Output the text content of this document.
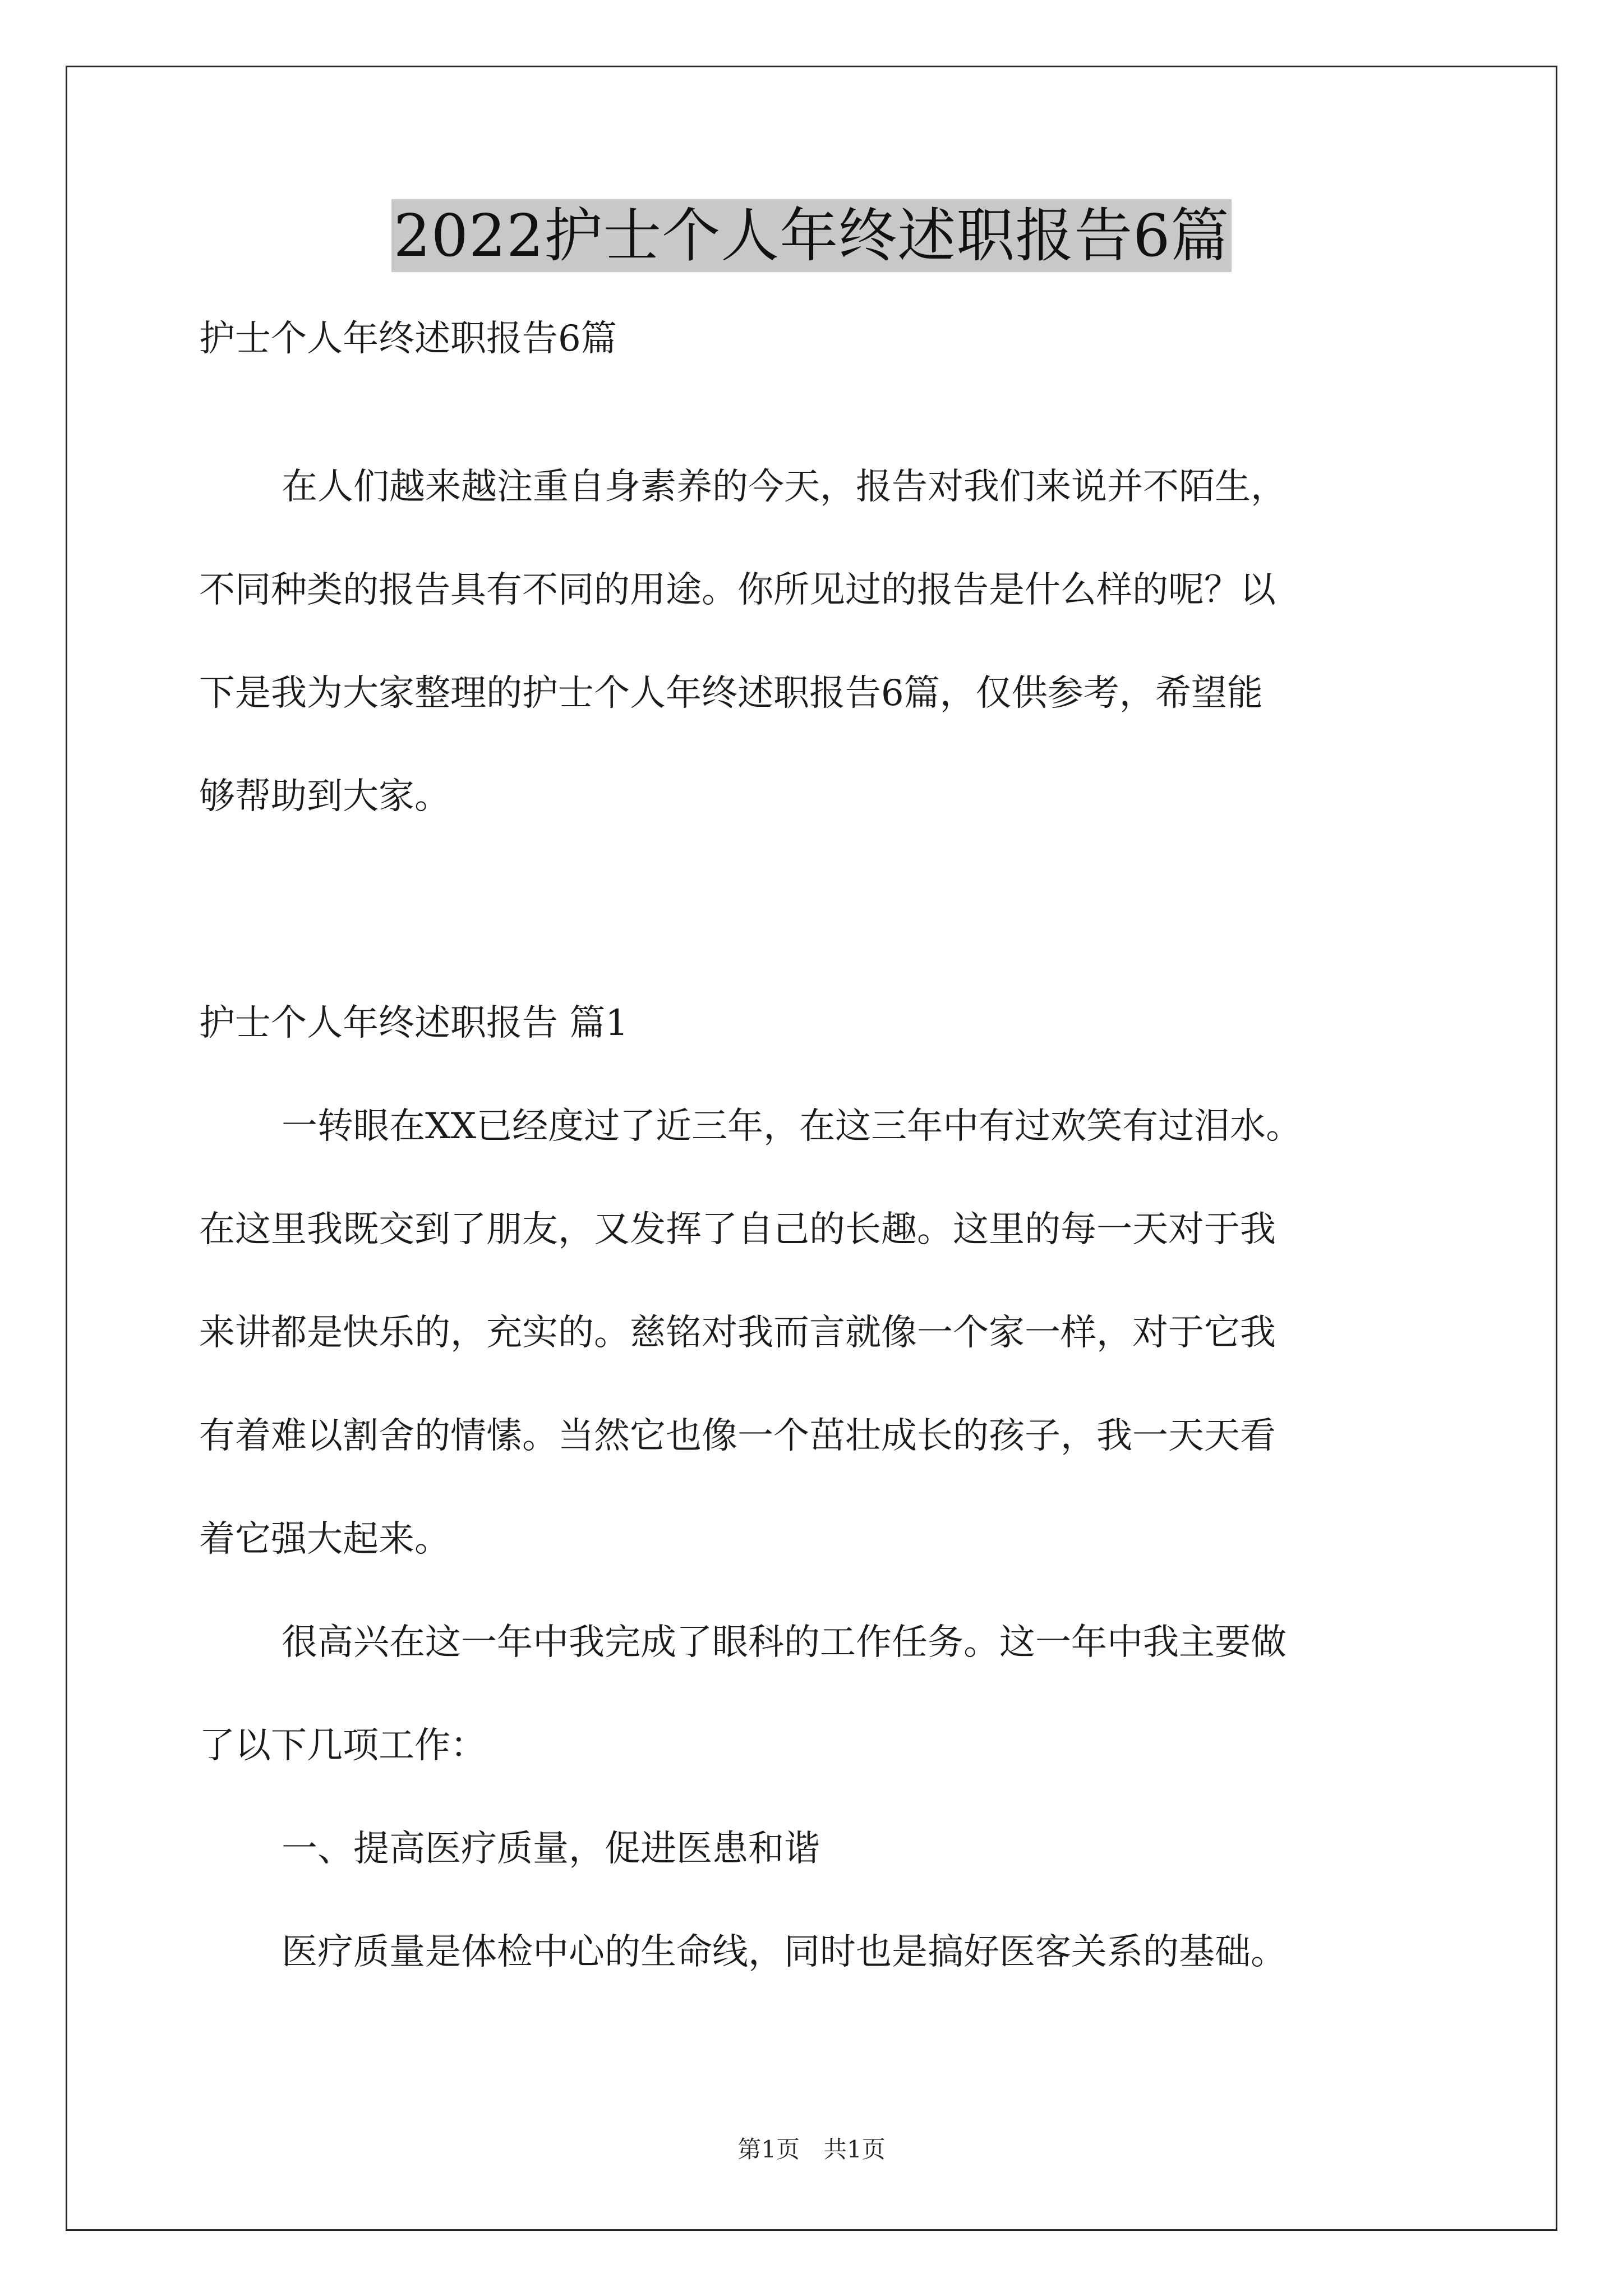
2022护士个人年终述职报告6篇
护士个人年终述职报告6篇
在人们越来越注重自身素养的今天，报告对我们来说并不陌生，
不同种类的报告具有不同的用途。你所见过的报告是什么样的呢？以
下是我为大家整理的护士个人年终述职报告6篇，仅供参考，希望能
够帮助到大家。
护士个人年终述职报告 篇1
一转眼在XX已经度过了近三年，在这三年中有过欢笑有过泪水。
在这里我既交到了朋友，又发挥了自己的长趣。这里的每一天对于我
来讲都是快乐的，充实的。慈铭对我而言就像一个家一样，对于它我
有着难以割舍的情愫。当然它也像一个茁壮成长的孩子，我一天天看
着它强大起来。
很高兴在这一年中我完成了眼科的工作任务。这一年中我主要做
了以下几项工作：
一、提高医疗质量，促进医患和谐
医疗质量是体检中心的生命线，同时也是搞好医客关系的基础。
第1页　共1页
